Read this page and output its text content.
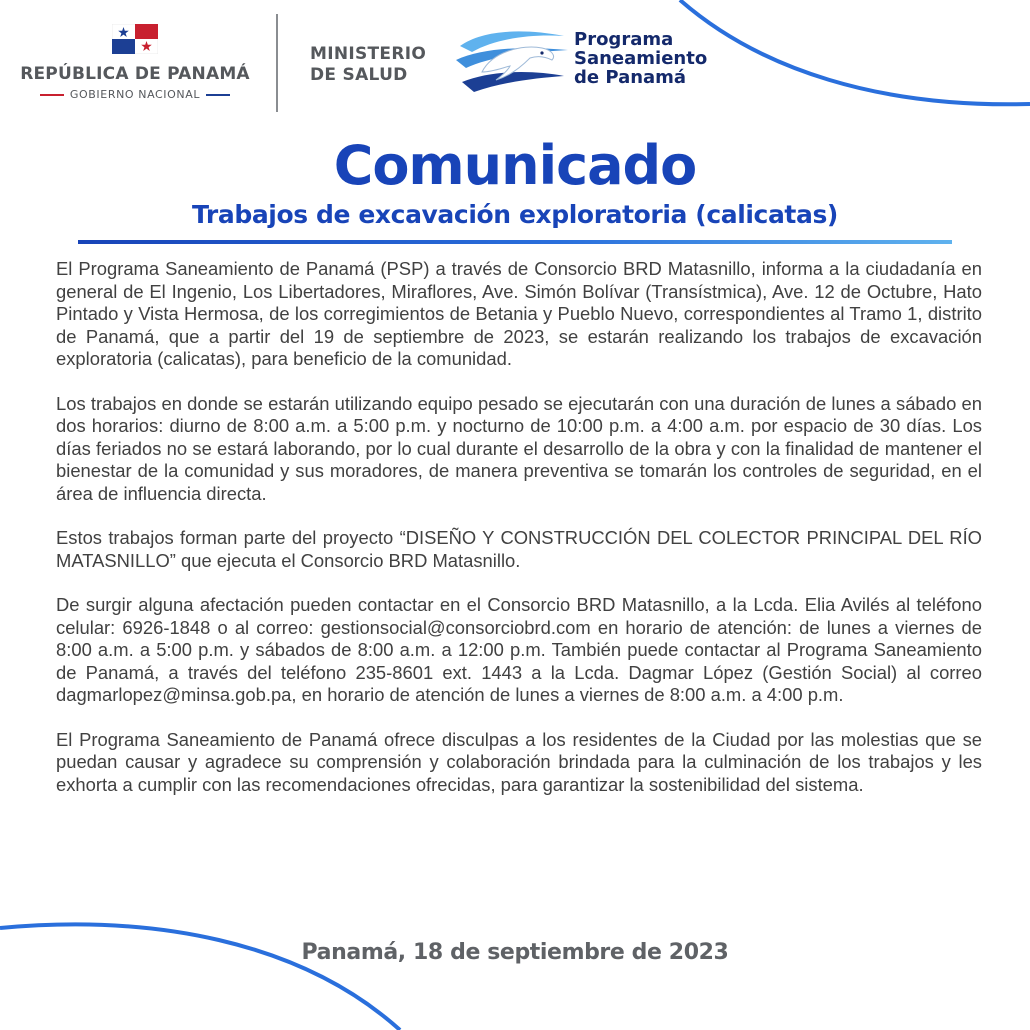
REPÚBLICA DE PANAMÁ
GOBIERNO NACIONAL
MINISTERIO
DE SALUD
Programa
Saneamiento
de Panamá
Comunicado
Trabajos de excavación exploratoria (calicatas)

El Programa Saneamiento de Panamá (PSP) a través de Consorcio BRD Matasnillo, informa a la ciudadanía en general de El Ingenio, Los Libertadores, Miraflores, Ave. Simón Bolívar (Transístmica), Ave. 12 de Octubre, Hato Pintado y Vista Hermosa, de los corregimientos de Betania y Pueblo Nuevo, correspondientes al Tramo 1, distrito de Panamá, que a partir del 19 de septiembre de 2023, se estarán realizando los trabajos de excavación exploratoria (calicatas), para beneficio de la comunidad.

Los trabajos en donde se estarán utilizando equipo pesado se ejecutarán con una duración de lunes a sábado en dos horarios: diurno de 8:00 a.m. a 5:00 p.m. y nocturno de 10:00 p.m. a 4:00 a.m. por espacio de 30 días. Los días feriados no se estará laborando, por lo cual durante el desarrollo de la obra y con la finalidad de mantener el bienestar de la comunidad y sus moradores, de manera preventiva se tomarán los controles de seguridad, en el área de influencia directa.

Estos trabajos forman parte del proyecto “DISEÑO Y CONSTRUCCIÓN DEL COLECTOR PRINCIPAL DEL RÍO MATASNILLO” que ejecuta el Consorcio BRD Matasnillo.

De surgir alguna afectación pueden contactar en el Consorcio BRD Matasnillo, a la Lcda. Elia Avilés al teléfono celular: 6926-1848 o al correo: gestionsocial@consorciobrd.com en horario de atención: de lunes a viernes de 8:00 a.m. a 5:00 p.m. y sábados de 8:00 a.m. a 12:00 p.m. También puede contactar al Programa Saneamiento de Panamá, a través del teléfono 235-8601 ext. 1443 a la Lcda. Dagmar López (Gestión Social) al correo dagmarlopez@minsa.gob.pa, en horario de atención de lunes a viernes de 8:00 a.m. a 4:00 p.m.

El Programa Saneamiento de Panamá ofrece disculpas a los residentes de la Ciudad por las molestias que se puedan causar y agradece su comprensión y colaboración brindada para la culminación de los trabajos y les exhorta a cumplir con las recomendaciones ofrecidas, para garantizar la sostenibilidad del sistema.

Panamá, 18 de septiembre de 2023
